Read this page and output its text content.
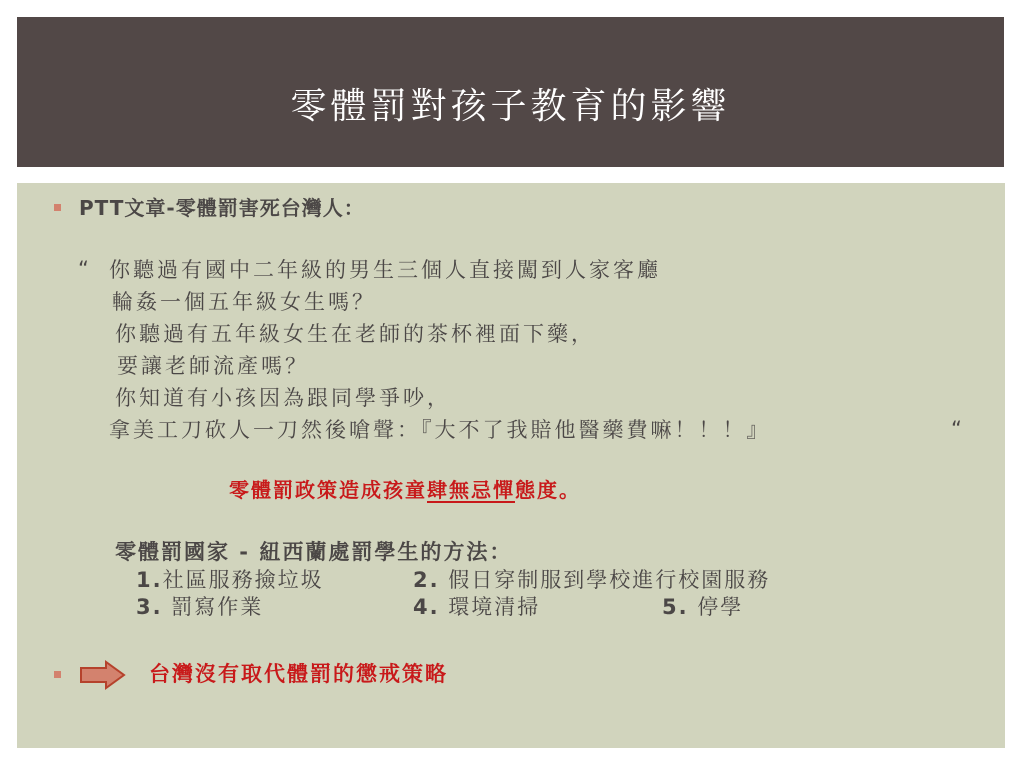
零體罰對孩子教育的影響
PTT文章-零體罰害死台灣人：
“ 你聽過有國中二年級的男生三個人直接闖到人家客廳
輪姦一個五年級女生嗎？
你聽過有五年級女生在老師的茶杯裡面下藥，
要讓老師流產嗎？
你知道有小孩因為跟同學爭吵，
拿美工刀砍人一刀然後嗆聲：『大不了我賠他醫藥費嘛！！！』	“
零體罰政策造成孩童肆無忌憚態度。
零體罰國家 - 紐西蘭處罰學生的方法：
1.社區服務撿垃圾	2. 假日穿制服到學校進行校園服務
3. 罰寫作業	4. 環境清掃	5. 停學
台灣沒有取代體罰的懲戒策略
